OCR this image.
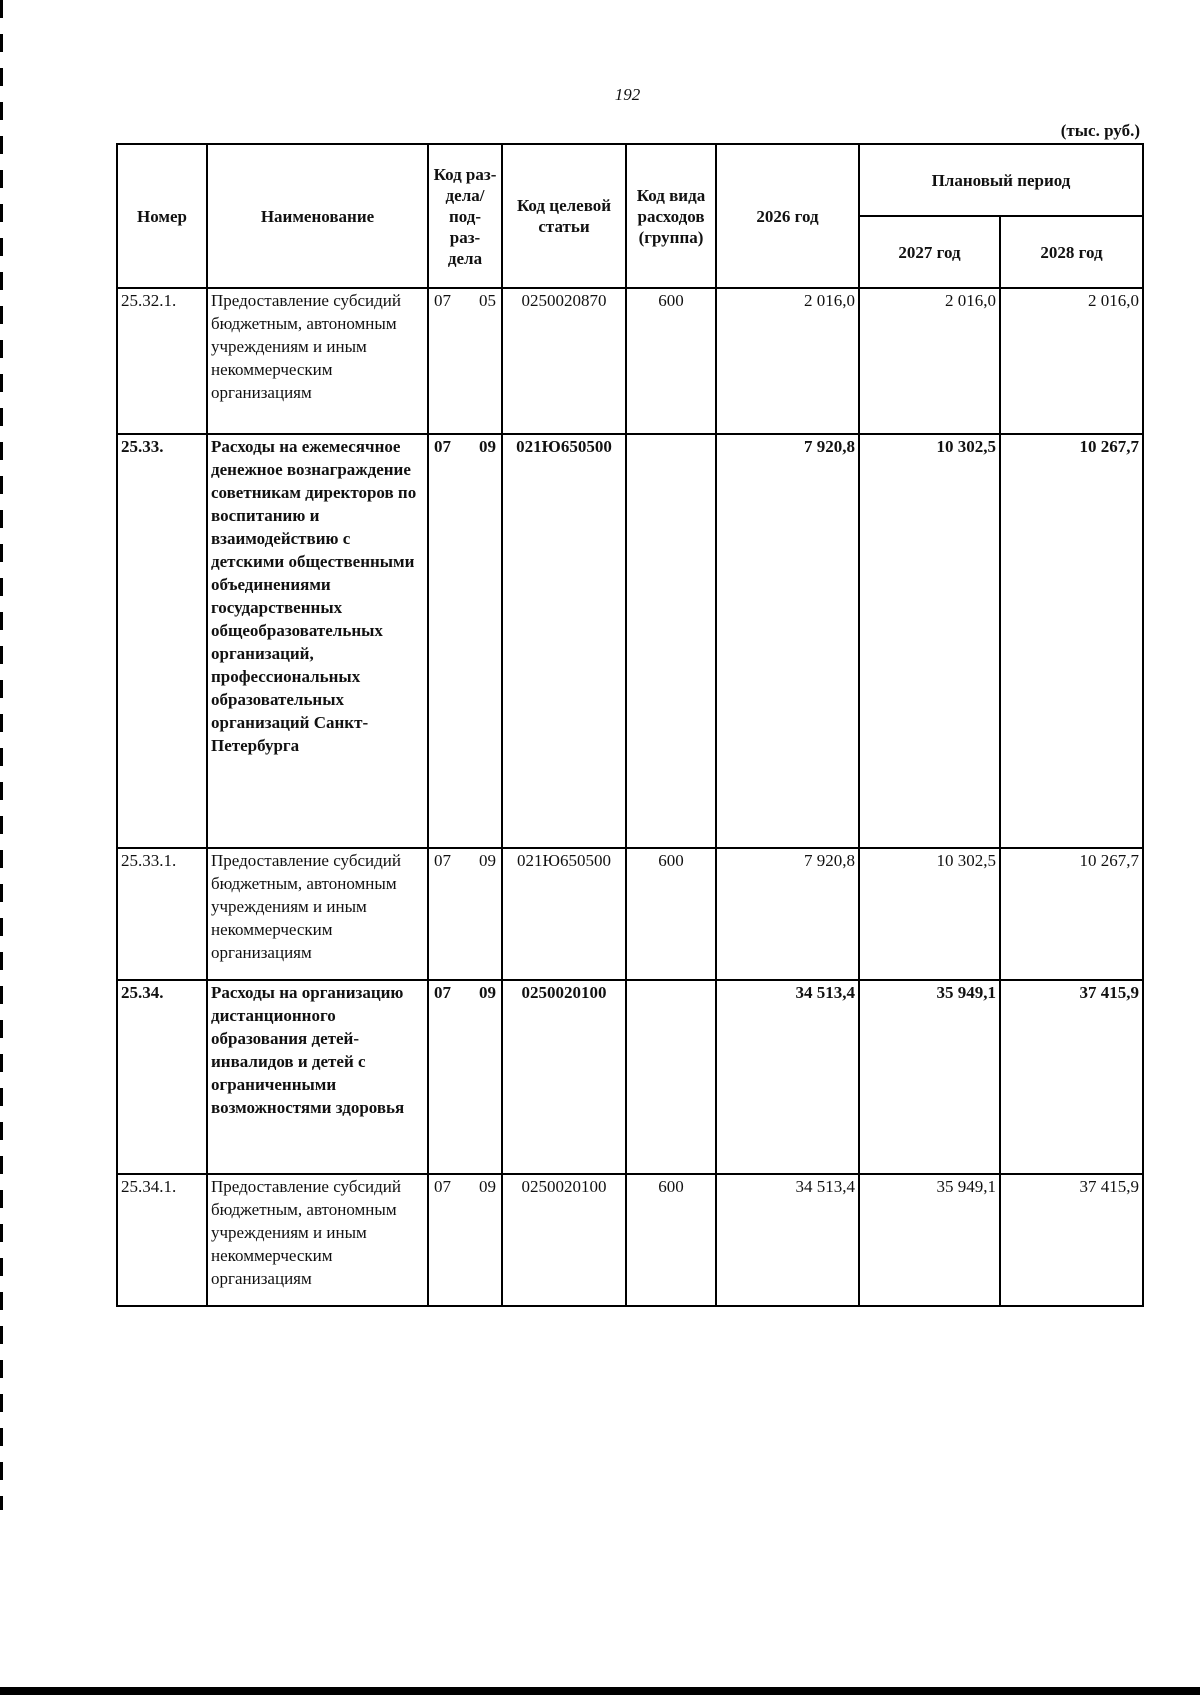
192
(тыс. руб.)
Номер	Наименование	Код раз- дела/ под- раз- дела	Код целевой статьи	Код вида расходов (группа)	2026 год	Плановый период	
						2027 год	2028 год
25.32.1.	Предоставление субсидий бюджетным, автономным учреждениям и иным некоммерческим организациям	07 05	0250020870	600	2 016,0	2 016,0	2 016,0
25.33.	Расходы на ежемесячное денежное вознаграждение советникам директоров по воспитанию и взаимодействию с детскими общественными объединениями государственных общеобразовательных организаций, профессиональных образовательных организаций Санкт-Петербурга	07 09	021Ю650500		7 920,8	10 302,5	10 267,7
25.33.1.	Предоставление субсидий бюджетным, автономным учреждениям и иным некоммерческим организациям	07 09	021Ю650500	600	7 920,8	10 302,5	10 267,7
25.34.	Расходы на организацию дистанционного образования детей-инвалидов и детей с ограниченными возможностями здоровья	07 09	0250020100		34 513,4	35 949,1	37 415,9
25.34.1.	Предоставление субсидий бюджетным, автономным учреждениям и иным некоммерческим организациям	07 09	0250020100	600	34 513,4	35 949,1	37 415,9
